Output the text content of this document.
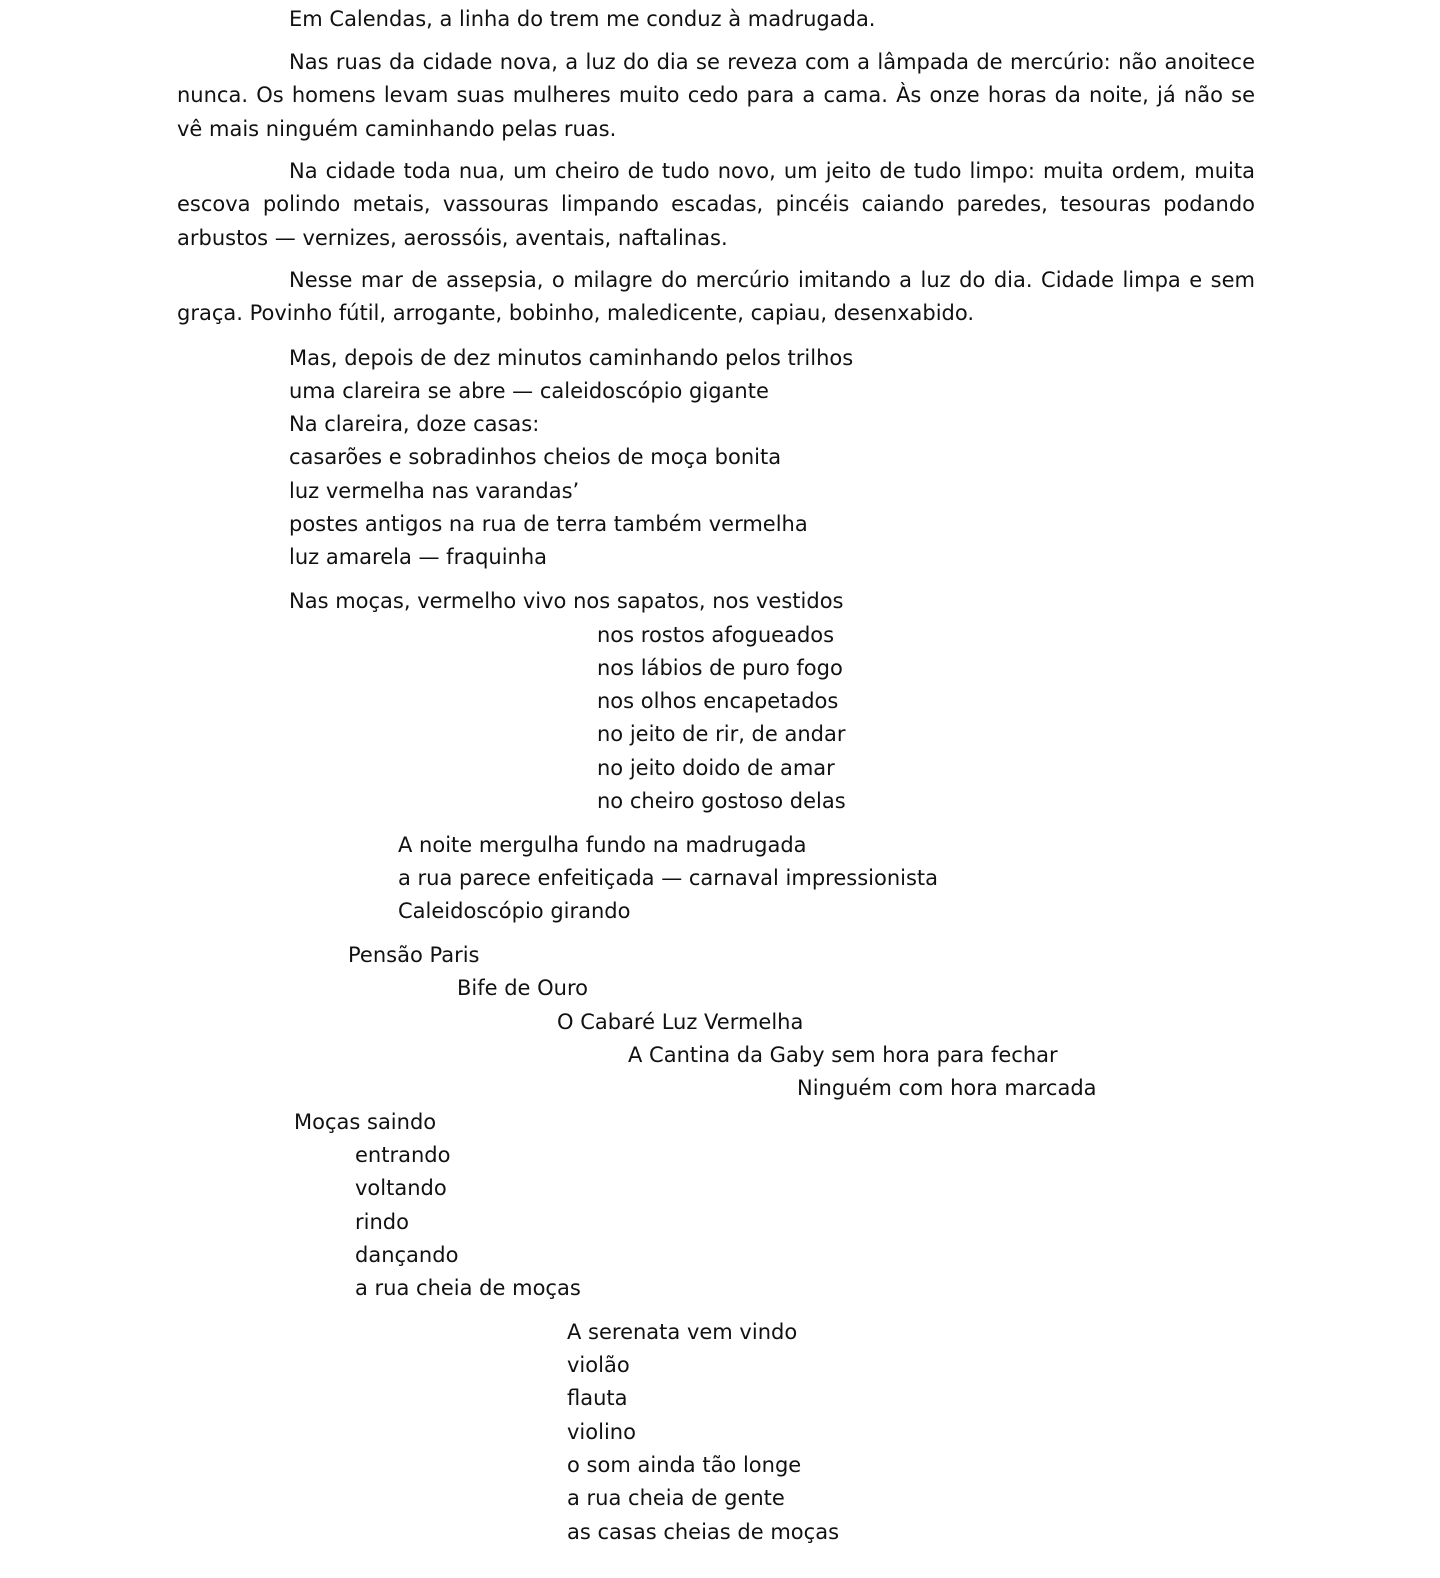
Em Calendas, a linha do trem me conduz à madrugada.

Nas ruas da cidade nova, a luz do dia se reveza com a lâmpada de mercúrio: não anoitece nunca. Os homens levam suas mulheres muito cedo para a cama. Às onze horas da noite, já não se vê mais ninguém caminhando pelas ruas.

Na cidade toda nua, um cheiro de tudo novo, um jeito de tudo limpo: muita ordem, muita escova polindo metais, vassouras limpando escadas, pincéis caiando paredes, tesouras podando arbustos — vernizes, aerossóis, aventais, naftalinas.

Nesse mar de assepsia, o milagre do mercúrio imitando a luz do dia. Cidade limpa e sem graça. Povinho fútil, arrogante, bobinho, maledicente, capiau, desenxabido.

Mas, depois de dez minutos caminhando pelos trilhos

uma clareira se abre — caleidoscópio gigante

Na clareira, doze casas:

casarões e sobradinhos cheios de moça bonita

luz vermelha nas varandas’

postes antigos na rua de terra também vermelha

luz amarela — fraquinha

Nas moças, vermelho vivo nos sapatos, nos vestidos

nos rostos afogueados

nos lábios de puro fogo

nos olhos encapetados

no jeito de rir, de andar

no jeito doido de amar

no cheiro gostoso delas

A noite mergulha fundo na madrugada

a rua parece enfeitiçada — carnaval impressionista

Caleidoscópio girando

Pensão Paris

Bife de Ouro

O Cabaré Luz Vermelha

A Cantina da Gaby sem hora para fechar

Ninguém com hora marcada

Moças saindo

entrando

voltando

rindo

dançando

a rua cheia de moças

A serenata vem vindo

violão

flauta

violino

o som ainda tão longe

a rua cheia de gente

as casas cheias de moças
